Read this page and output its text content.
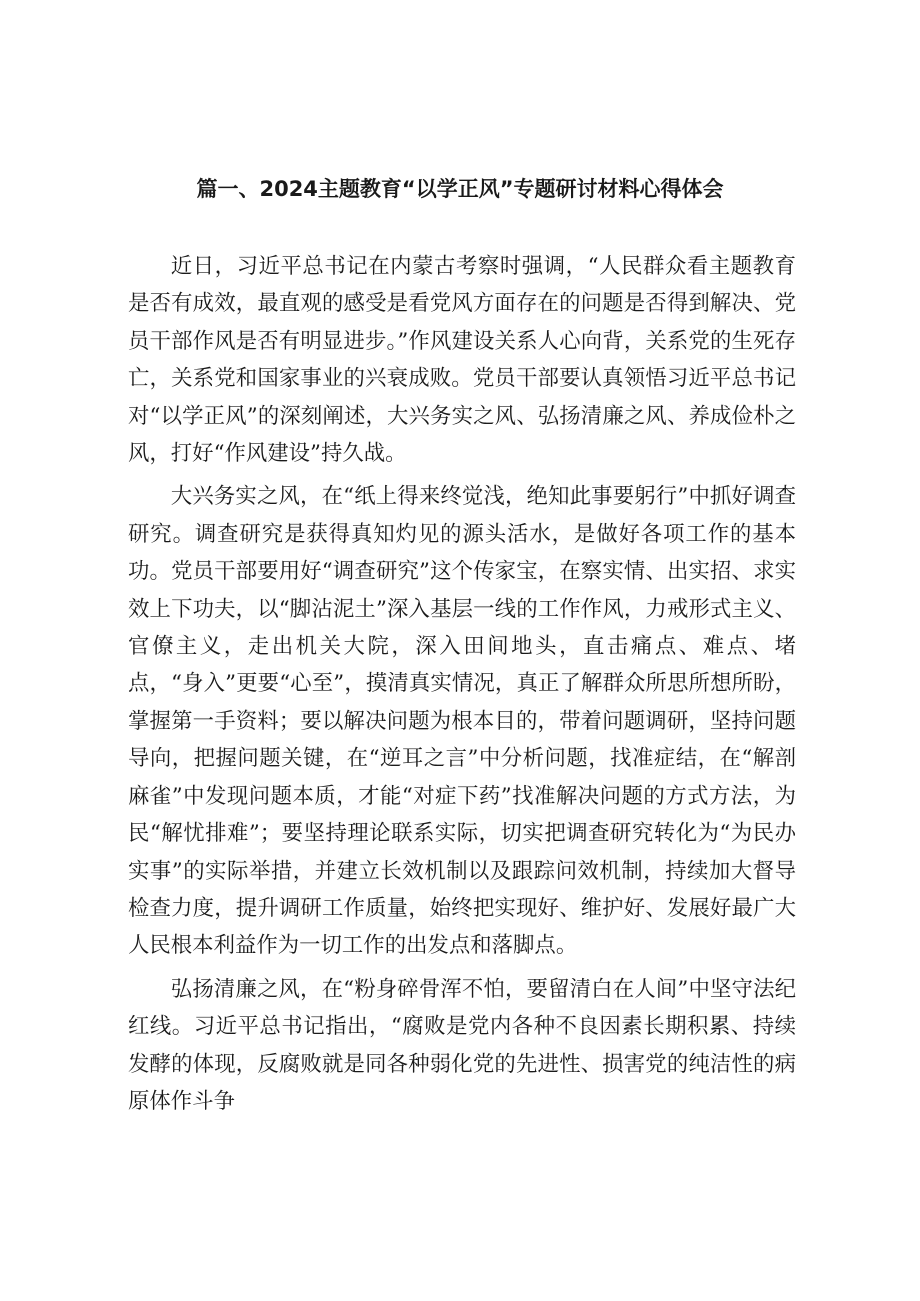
篇一、2024主题教育“以学正风”专题研讨材料心得体会

近日，习近平总书记在内蒙古考察时强调，“人民群众看主题教育是否有成效，最直观的感受是看党风方面存在的问题是否得到解决、党员干部作风是否有明显进步。”作风建设关系人心向背，关系党的生死存亡，关系党和国家事业的兴衰成败。党员干部要认真领悟习近平总书记对“以学正风”的深刻阐述，大兴务实之风、弘扬清廉之风、养成俭朴之风，打好“作风建设”持久战。

大兴务实之风，在“纸上得来终觉浅，绝知此事要躬行”中抓好调查研究。调查研究是获得真知灼见的源头活水，是做好各项工作的基本功。党员干部要用好“调查研究”这个传家宝，在察实情、出实招、求实效上下功夫，以“脚沾泥土”深入基层一线的工作作风，力戒形式主义、官僚主义，走出机关大院，深入田间地头，直击痛点、难点、堵点，“身入”更要“心至”，摸清真实情况，真正了解群众所思所想所盼，掌握第一手资料；要以解决问题为根本目的，带着问题调研，坚持问题导向，把握问题关键，在“逆耳之言”中分析问题，找准症结，在“解剖麻雀”中发现问题本质，才能“对症下药”找准解决问题的方式方法，为民“解忧排难”；要坚持理论联系实际，切实把调查研究转化为“为民办实事”的实际举措，并建立长效机制以及跟踪问效机制，持续加大督导检查力度，提升调研工作质量，始终把实现好、维护好、发展好最广大人民根本利益作为一切工作的出发点和落脚点。

弘扬清廉之风，在“粉身碎骨浑不怕，要留清白在人间”中坚守法纪红线。习近平总书记指出，“腐败是党内各种不良因素长期积累、持续发酵的体现，反腐败就是同各种弱化党的先进性、损害党的纯洁性的病原体作斗争
